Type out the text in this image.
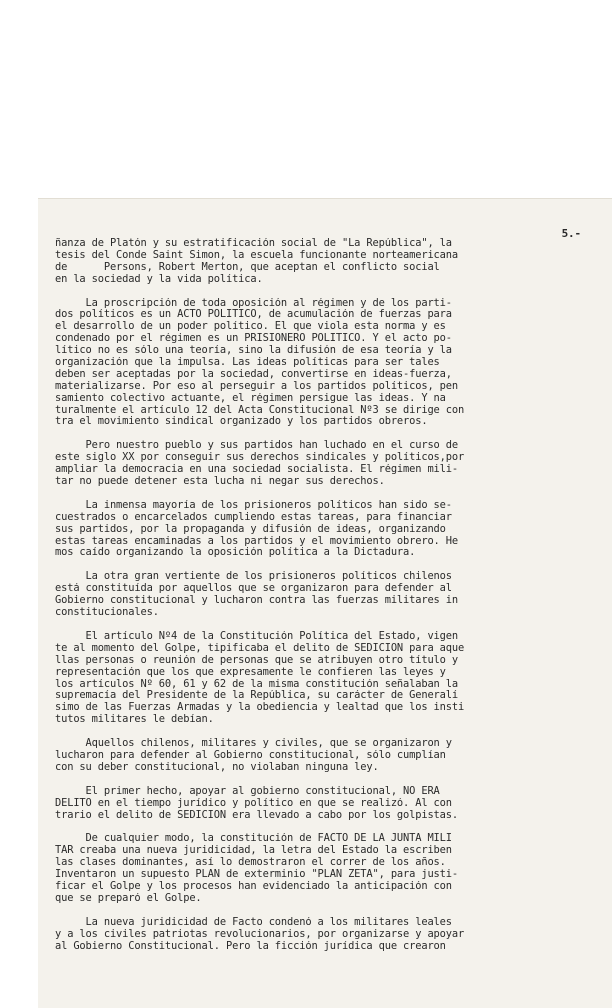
5.-
ñanza de Platón y su estratificación social de "La República", la
tesis del Conde Saint Simon, la escuela funcionante norteamericana
de      Persons, Robert Merton, que aceptan el conflicto social
en la sociedad y la vida política.
La proscripción de toda oposición al régimen y de los parti-
dos políticos es un ACTO POLITICO, de acumulación de fuerzas para
el desarrollo de un poder político. El que viola esta norma y es
condenado por el régimen es un PRISIONERO POLITICO. Y el acto po-
lítico no es sólo una teoría, sino la difusión de esa teoría y la
organización que la impulsa. Las ideas políticas para ser tales
deben ser aceptadas por la sociedad, convertirse en ideas-fuerza,
materializarse. Por eso al perseguir a los partidos políticos, pen
samiento colectivo actuante, el régimen persigue las ideas. Y na
turalmente el artículo 12 del Acta Constitucional Nº3 se dirige con
tra el movimiento sindical organizado y los partidos obreros.
Pero nuestro pueblo y sus partidos han luchado en el curso de
este siglo XX por conseguir sus derechos sindicales y políticos,por
ampliar la democracia en una sociedad socialista. El régimen mili-
tar no puede detener esta lucha ni negar sus derechos.
La inmensa mayoría de los prisioneros políticos han sido se-
cuestrados o encarcelados cumpliendo estas tareas, para financiar
sus partidos, por la propaganda y difusión de ideas, organizando
estas tareas encaminadas a los partidos y el movimiento obrero. He
mos caído organizando la oposición política a la Dictadura.
La otra gran vertiente de los prisioneros políticos chilenos
está constituída por aquellos que se organizaron para defender al
Gobierno constitucional y lucharon contra las fuerzas militares in
constitucionales.
El artículo Nº4 de la Constitución Política del Estado, vigen
te al momento del Golpe, tipificaba el delito de SEDICION para aque
llas personas o reunión de personas que se atribuyen otro título y
representación que los que expresamente le confieren las leyes y
los artículos Nº 60, 61 y 62 de la misma constitución señalaban la
supremacía del Presidente de la República, su carácter de Generalí
simo de las Fuerzas Armadas y la obediencia y lealtad que los insti
tutos militares le debían.
Aquellos chilenos, militares y civiles, que se organizaron y
lucharon para defender al Gobierno constitucional, sólo cumplían
con su deber constitucional, no violaban ninguna ley.
El primer hecho, apoyar al gobierno constitucional, NO ERA
DELITO en el tiempo jurídico y político en que se realizó. Al con
trario el delito de SEDICION era llevado a cabo por los golpistas.
De cualquier modo, la constitución de FACTO DE LA JUNTA MILI
TAR creaba una nueva juridicidad, la letra del Estado la escriben
las clases dominantes, así lo demostraron el correr de los años.
Inventaron un supuesto PLAN de exterminio "PLAN ZETA", para justi-
ficar el Golpe y los procesos han evidenciado la anticipación con
que se preparó el Golpe.
La nueva juridicidad de Facto condenó a los militares leales
y a los civiles patriotas revolucionarios, por organizarse y apoyar
al Gobierno Constitucional. Pero la ficción jurídica que crearon
